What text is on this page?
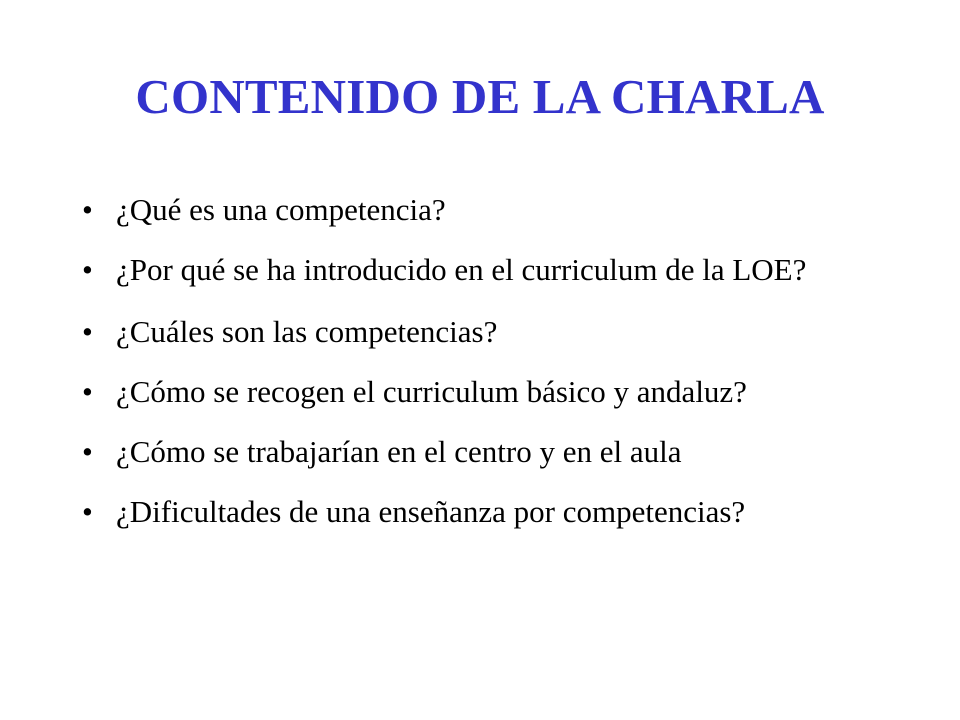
CONTENIDO DE LA CHARLA
• ¿Qué es una competencia?
• ¿Por qué se ha introducido en el curriculum de la LOE?
• ¿Cuáles son las competencias?
• ¿Cómo se recogen el curriculum básico y andaluz?
• ¿Cómo se trabajarían en el centro y en el aula
• ¿Dificultades de una enseñanza por competencias?
